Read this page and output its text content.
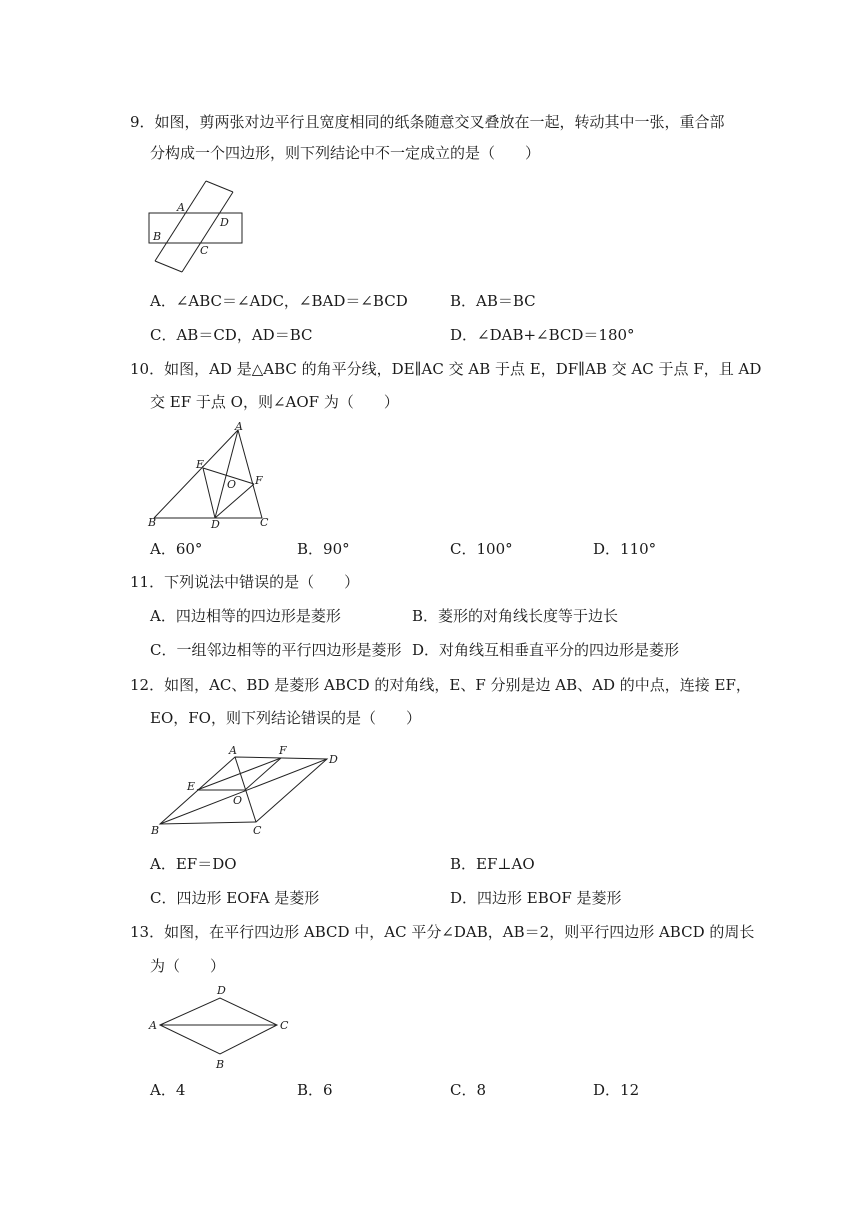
9．如图，剪两张对边平行且宽度相同的纸条随意交叉叠放在一起，转动其中一张，重合部
分构成一个四边形，则下列结论中不一定成立的是（　　）
A
D
B
C
A．∠ABC＝∠ADC，∠BAD＝∠BCD	B．AB＝BC
C．AB＝CD，AD＝BC	D．∠DAB+∠BCD＝180°
10．如图，AD 是△ABC 的角平分线，DE∥AC 交 AB 于点 E，DF∥AB 交 AC 于点 F，且 AD
交 EF 于点 O，则∠AOF 为（　　）
A
E
O F
B	D	C
A．60°	B．90°	C．100°	D．110°
11．下列说法中错误的是（　　）
A．四边相等的四边形是菱形	B．菱形的对角线长度等于边长
C．一组邻边相等的平行四边形是菱形 D．对角线互相垂直平分的四边形是菱形
12．如图，AC、BD 是菱形 ABCD 的对角线，E、F 分别是边 AB、AD 的中点，连接 EF，
EO，FO，则下列结论错误的是（　　）
A	F
D
E
O
B	C
A．EF＝DO	B．EF⊥AO
C．四边形 EOFA 是菱形	D．四边形 EBOF 是菱形
13．如图，在平行四边形 ABCD 中，AC 平分∠DAB，AB＝2，则平行四边形 ABCD 的周长
为（　　）
D
A	C
B
A．4	B．6	C．8	D．12
